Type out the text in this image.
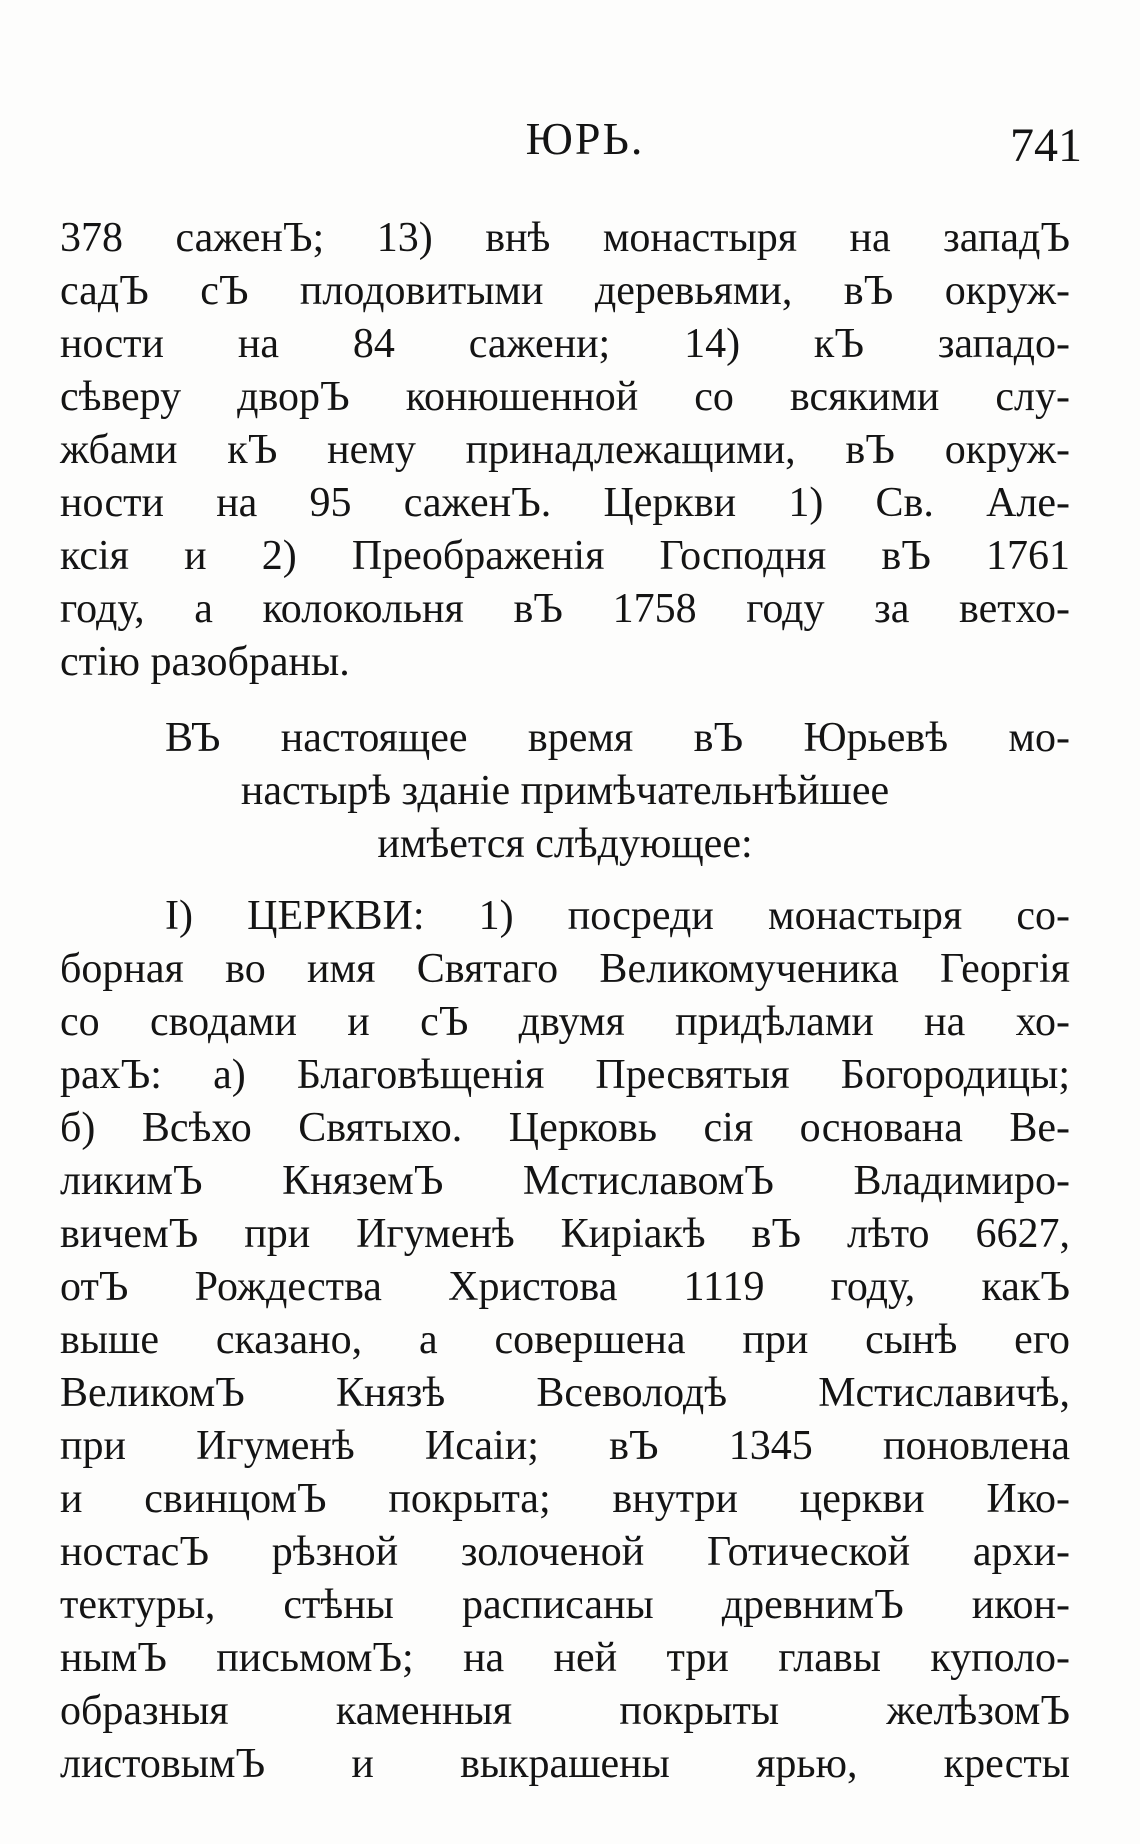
ЮРЬ.	741
378 саженЪ; 13) внѣ монастыря на западЪ
садЪ сЪ плодовитыми деревьями, вЪ окруж-
ности на 84 сажени; 14) кЪ западо-
сѣверу дворЪ конюшенной со всякими слу-
жбами кЪ нему принадлежащими, вЪ окруж-
ности на 95 саженЪ. Церкви 1) Св. Але-
ксія и 2) Преображенія Господня вЪ 1761
году, а колокольня вЪ 1758 году за ветхо-
стію разобраны.
ВЪ настоящее время вЪ Юрьевѣ мо-
настырѣ зданіе примѣчательнѣйшее
имѣется слѣдующее:
I) ЦЕРКВИ: 1) посреди монастыря со-
борная во имя Святаго Великомученика Георгія
со сводами и сЪ двумя придѣлами на хо-
рахЪ: а) Благовѣщенія Пресвятыя Богородицы;
б) Всѣхо Святыхо. Церковь сія основана Ве-
ликимЪ КняземЪ МстиславомЪ Владимиро-
вичемЪ при Игуменѣ Киріакѣ вЪ лѣто 6627,
отЪ Рождества Христова 1119 году, какЪ
выше сказано, а совершена при сынѣ его
ВеликомЪ Князѣ Всеволодѣ Мстиславичѣ,
при Игуменѣ Исаіи; вЪ 1345 поновлена
и свинцомЪ покрыта; внутри церкви Ико-
ностасЪ рѣзной золоченой Готической архи-
тектуры, стѣны расписаны древнимЪ икон-
нымЪ письмомЪ; на ней три главы куполо-
образныя каменныя покрыты желѣзомЪ
листовымЪ и выкрашены ярью, кресты
